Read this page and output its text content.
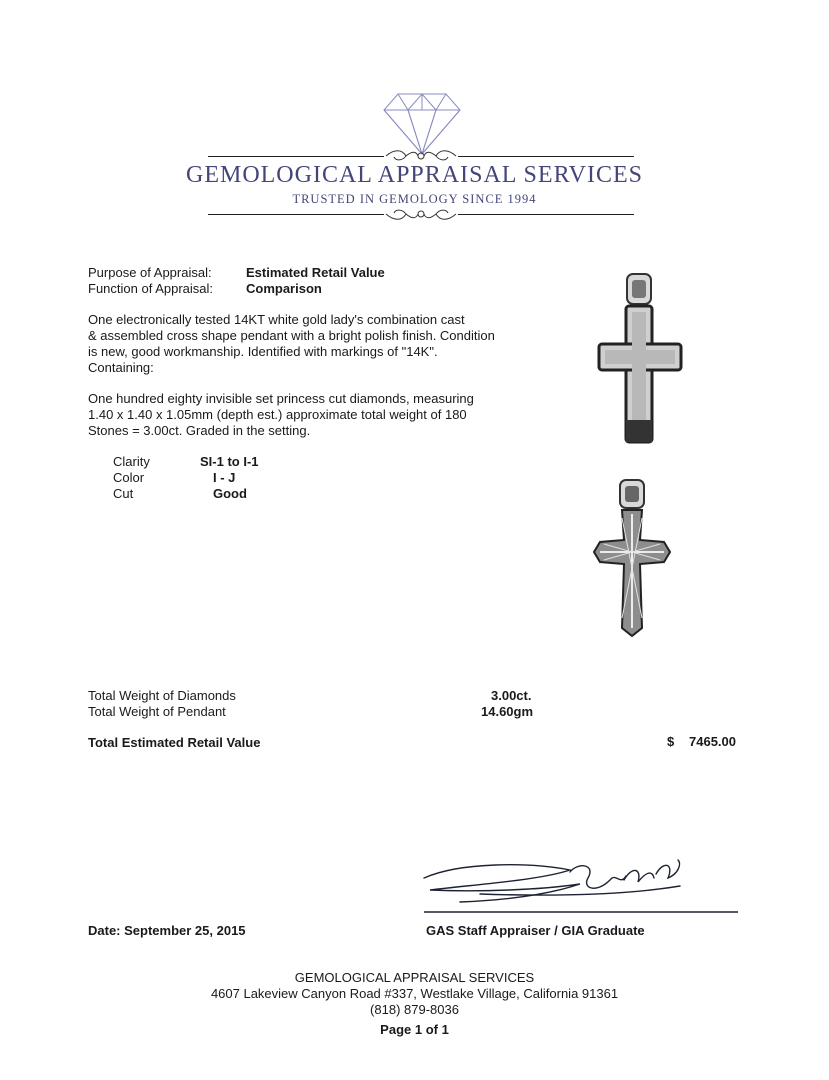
GEMOLOGICAL APPRAISAL SERVICES
TRUSTED IN GEMOLOGY SINCE 1994
Purpose of Appraisal:	Estimated Retail Value
Function of Appraisal:	Comparison
One electronically tested 14KT white gold lady's combination cast
& assembled cross shape pendant with a bright polish finish. Condition
is new, good workmanship. Identified with markings of "14K".
Containing:
One hundred eighty invisible set princess cut diamonds, measuring
1.40 x 1.40 x 1.05mm (depth est.) approximate total weight of 180
Stones = 3.00ct. Graded in the setting.
Clarity	SI-1 to I-1
Color	I - J
Cut	Good
Total Weight of Diamonds	3.00ct.
Total Weight of Pendant	14.60gm
Total Estimated Retail Value	$ 7465.00
Date: September 25, 2015	GAS Staff Appraiser / GIA Graduate
GEMOLOGICAL APPRAISAL SERVICES
4607 Lakeview Canyon Road #337, Westlake Village, California 91361
(818) 879-8036
Page 1 of 1
